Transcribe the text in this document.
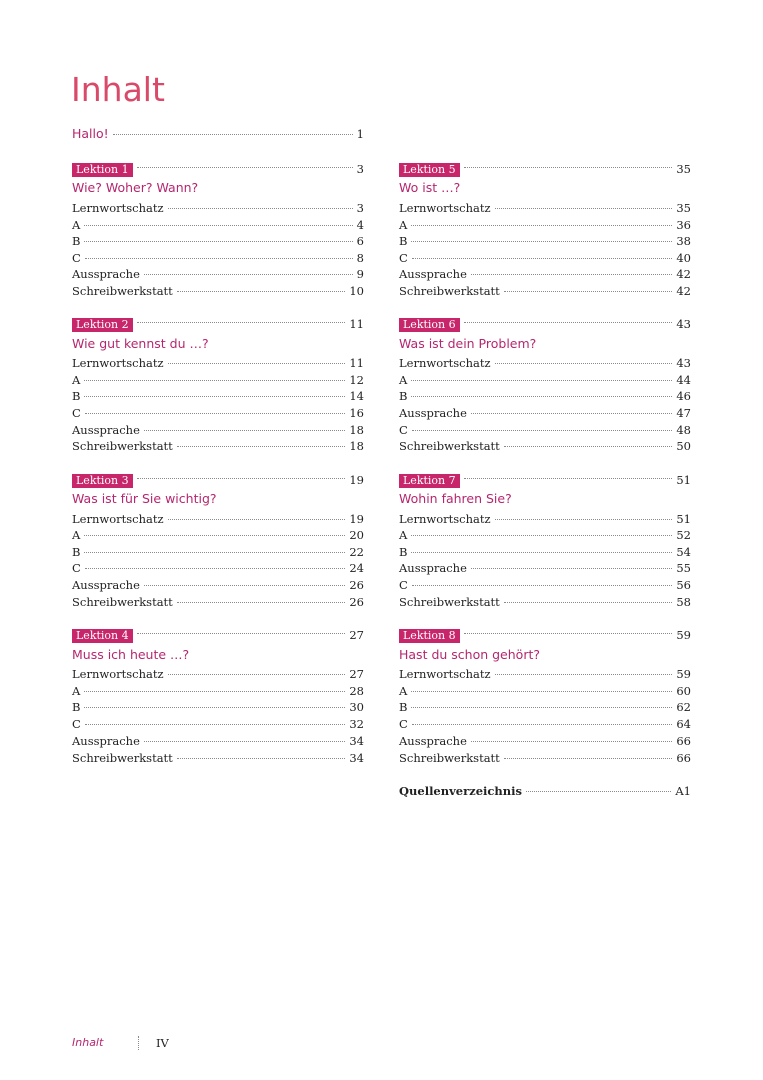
Inhalt
Hallo!	1
Lektion 1	3
Wie? Woher? Wann?
Lernwortschatz	3
A	4
B	6
C	8
Aussprache	9
Schreibwerkstatt	10
Lektion 2	11
Wie gut kennst du …?
Lernwortschatz	11
A	12
B	14
C	16
Aussprache	18
Schreibwerkstatt	18
Lektion 3	19
Was ist für Sie wichtig?
Lernwortschatz	19
A	20
B	22
C	24
Aussprache	26
Schreibwerkstatt	26
Lektion 4	27
Muss ich heute …?
Lernwortschatz	27
A	28
B	30
C	32
Aussprache	34
Schreibwerkstatt	34
Lektion 5	35
Wo ist …?
Lernwortschatz	35
A	36
B	38
C	40
Aussprache	42
Schreibwerkstatt	42
Lektion 6	43
Was ist dein Problem?
Lernwortschatz	43
A	44
B	46
Aussprache	47
C	48
Schreibwerkstatt	50
Lektion 7	51
Wohin fahren Sie?
Lernwortschatz	51
A	52
B	54
Aussprache	55
C	56
Schreibwerkstatt	58
Lektion 8	59
Hast du schon gehört?
Lernwortschatz	59
A	60
B	62
C	64
Aussprache	66
Schreibwerkstatt	66
Quellenverzeichnis	A1
Inhalt	IV
